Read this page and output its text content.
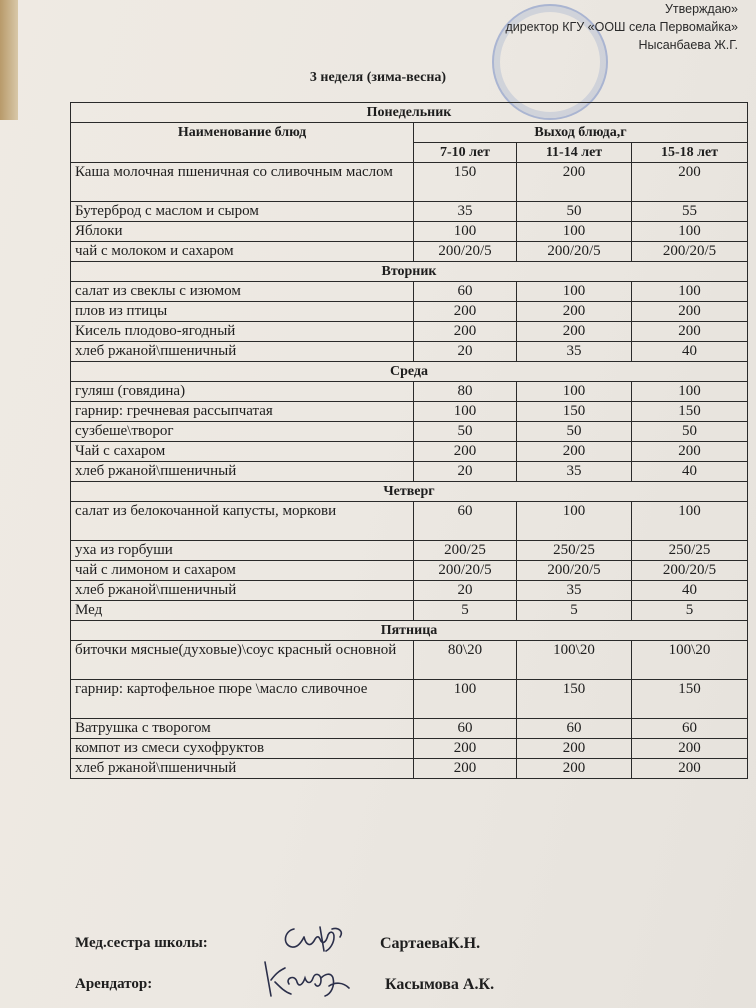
Утверждаю»
директор КГУ «ООШ села Первомайка»
Нысанбаева Ж.Г.
3 неделя (зима-весна)
Понедельник			
Наименование блюд	Выход блюда,г		
	7-10 лет	11-14 лет	15-18 лет
Каша молочная пшеничная со сливочным маслом	150	200	200
Бутерброд с маслом и сыром	35	50	55
Яблоки	100	100	100
чай с молоком и сахаром	200/20/5	200/20/5	200/20/5
Вторник			
салат из свеклы с изюмом	60	100	100
плов из птицы	200	200	200
Кисель плодово-ягодный	200	200	200
хлеб ржаной\пшеничный	20	35	40
Среда			
гуляш (говядина)	80	100	100
гарнир: гречневая рассыпчатая	100	150	150
сузбеше\творог	50	50	50
Чай с сахаром	200	200	200
хлеб ржаной\пшеничный	20	35	40
Четверг			
салат из белокочанной капусты, моркови	60	100	100
уха из горбуши	200/25	250/25	250/25
чай с лимоном и сахаром	200/20/5	200/20/5	200/20/5
хлеб ржаной\пшеничный	20	35	40
Мед	5	5	5
Пятница			
биточки мясные(духовые)\соус красный основной	80\20	100\20	100\20
гарнир: картофельное пюре \масло сливочное	100	150	150
Ватрушка с творогом	60	60	60
компот из смеси сухофруктов	200	200	200
хлеб ржаной\пшеничный	200	200	200
Мед.сестра школы:	СартаеваК.Н.
Арендатор:	Касымова А.К.
